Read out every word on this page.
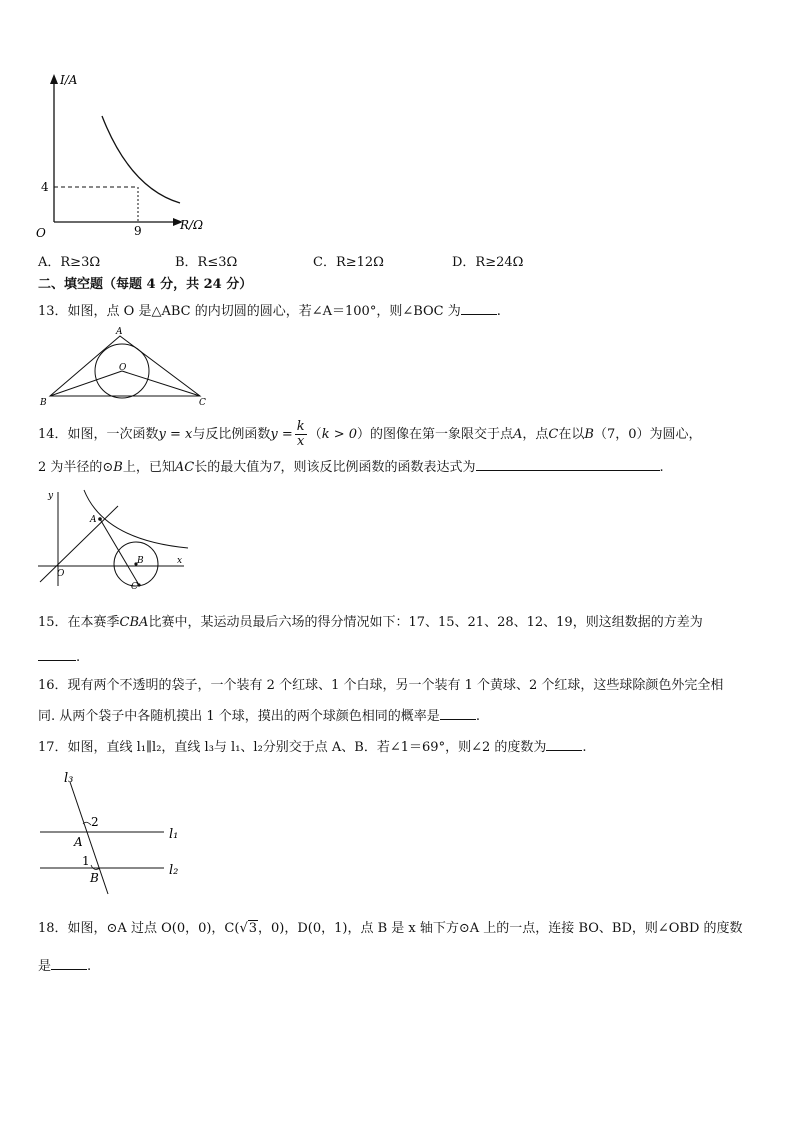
I/A
R/Ω
O
4
9
A．R≥3Ω	B．R≤3Ω	C．R≥12Ω	D．R≥24Ω
二、填空题（每题 4 分，共 24 分）
13．如图，点 O 是△ABC 的内切圆的圆心，若∠A＝100°，则∠BOC 为	.
A
O
B	C
14．如图，一次函数y = x与反比例函数$y = \frac{k}{x} (k > 0)$的图像在第一象限交于点A，点C在以B（7，0）为圆心，
2 为半径的⊙B上，已知AC长的最大值为7，则该反比例函数的函数表达式为	.
y
x
O
A
B
C
15．在本赛季CBA比赛中，某运动员最后六场的得分情况如下：17、15、21、28、12、19，则这组数据的方差为
.
16．现有两个不透明的袋子，一个装有 2 个红球、1 个白球，另一个装有 1 个黄球、2 个红球，这些球除颜色外完全相
同. 从两个袋子中各随机摸出 1 个球，摸出的两个球颜色相同的概率是	.
17．如图，直线 l₁∥l₂，直线 l₃与 l₁、l₂分别交于点 A、B．若∠1＝69°，则∠2 的度数为	.
l₃
l₁
l₂
2
A
1
B
18．如图，⊙A 过点 O(0，0)，C(√3，0)，D(0，1)，点 B 是 x 轴下方⊙A 上的一点，连接 BO、BD，则∠OBD 的度数
是	.
